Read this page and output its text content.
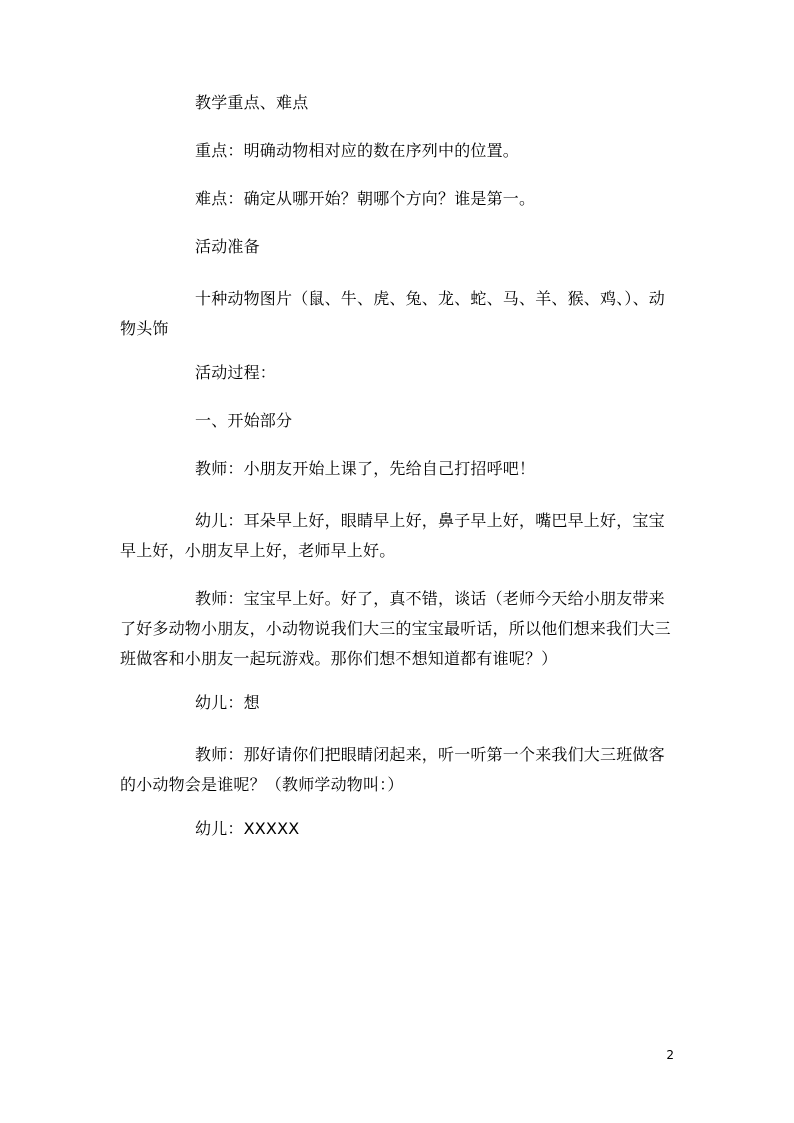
教学重点、难点

重点：明确动物相对应的数在序列中的位置。

难点：确定从哪开始？朝哪个方向？谁是第一。

活动准备

十种动物图片（鼠、牛、虎、兔、龙、蛇、马、羊、猴、鸡、）、动物头饰

活动过程：

一、开始部分

教师：小朋友开始上课了，先给自己打招呼吧！

幼儿：耳朵早上好，眼睛早上好，鼻子早上好，嘴巴早上好，宝宝早上好，小朋友早上好，老师早上好。

教师：宝宝早上好。好了，真不错，谈话（老师今天给小朋友带来了好多动物小朋友，小动物说我们大三的宝宝最听话，所以他们想来我们大三班做客和小朋友一起玩游戏。那你们想不想知道都有谁呢？）

幼儿：想

教师：那好请你们把眼睛闭起来，听一听第一个来我们大三班做客的小动物会是谁呢？（教师学动物叫：）

幼儿：XXXXX

2
